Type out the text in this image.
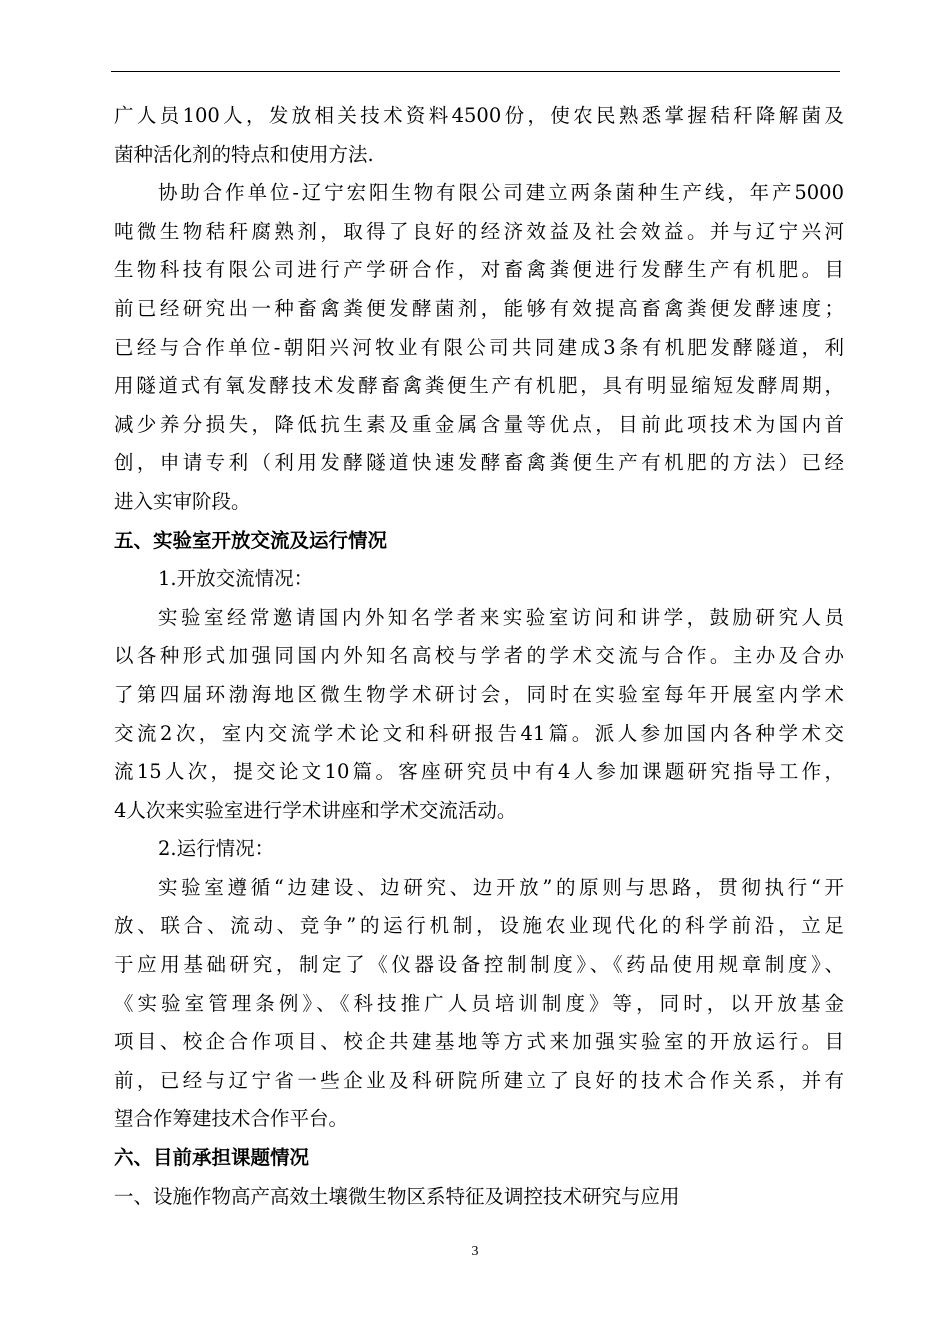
广人员100人，发放相关技术资料4500份，使农民熟悉掌握秸秆降解菌及
菌种活化剂的特点和使用方法.
协助合作单位-辽宁宏阳生物有限公司建立两条菌种生产线，年产5000
吨微生物秸秆腐熟剂，取得了良好的经济效益及社会效益。并与辽宁兴河
生物科技有限公司进行产学研合作，对畜禽粪便进行发酵生产有机肥。目
前已经研究出一种畜禽粪便发酵菌剂，能够有效提高畜禽粪便发酵速度；
已经与合作单位-朝阳兴河牧业有限公司共同建成3条有机肥发酵隧道，利
用隧道式有氧发酵技术发酵畜禽粪便生产有机肥，具有明显缩短发酵周期，
减少养分损失，降低抗生素及重金属含量等优点，目前此项技术为国内首
创，申请专利（利用发酵隧道快速发酵畜禽粪便生产有机肥的方法）已经
进入实审阶段。
五、实验室开放交流及运行情况
1.开放交流情况：
实验室经常邀请国内外知名学者来实验室访问和讲学，鼓励研究人员
以各种形式加强同国内外知名高校与学者的学术交流与合作。主办及合办
了第四届环渤海地区微生物学术研讨会，同时在实验室每年开展室内学术
交流2次，室内交流学术论文和科研报告41篇。派人参加国内各种学术交
流15人次，提交论文10篇。客座研究员中有4人参加课题研究指导工作，
4人次来实验室进行学术讲座和学术交流活动。
2.运行情况：
实验室遵循“边建设、边研究、边开放”的原则与思路，贯彻执行“开
放、联合、流动、竞争”的运行机制，设施农业现代化的科学前沿，立足
于应用基础研究，制定了《仪器设备控制制度》、《药品使用规章制度》、
《实验室管理条例》、《科技推广人员培训制度》等，同时，以开放基金
项目、校企合作项目、校企共建基地等方式来加强实验室的开放运行。目
前，已经与辽宁省一些企业及科研院所建立了良好的技术合作关系，并有
望合作筹建技术合作平台。
六、目前承担课题情况
一、设施作物高产高效土壤微生物区系特征及调控技术研究与应用
3
